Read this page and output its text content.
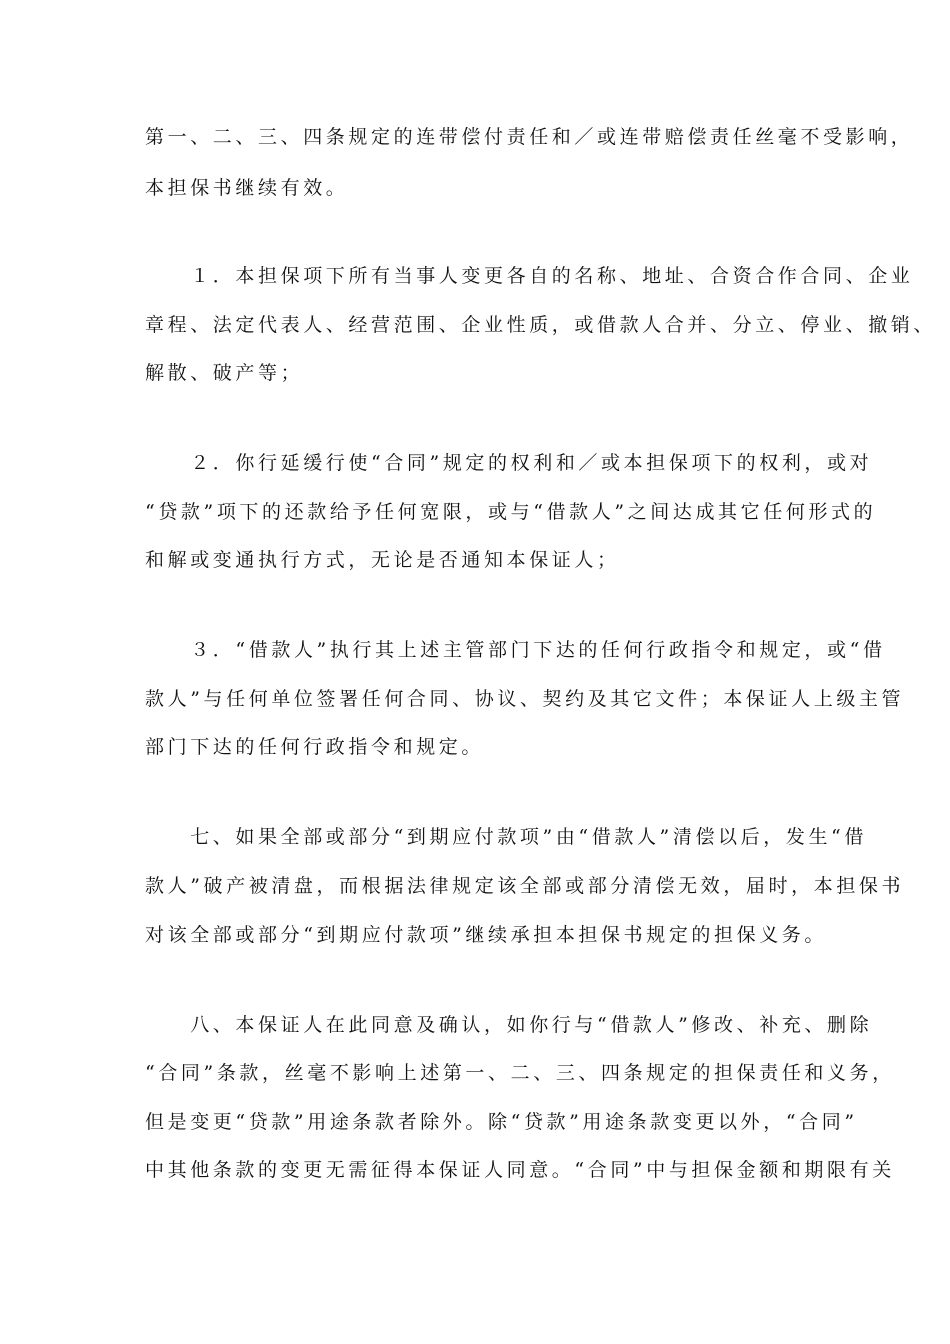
第一、二、三、四条规定的连带偿付责任和／或连带赔偿责任丝毫不受影响，
本担保书继续有效。
　　１．本担保项下所有当事人变更各自的名称、地址、合资合作合同、企业
章程、法定代表人、经营范围、企业性质，或借款人合并、分立、停业、撤销、
解散、破产等；
　　２．你行延缓行使“合同”规定的权利和／或本担保项下的权利，或对
“贷款”项下的还款给予任何宽限，或与“借款人”之间达成其它任何形式的
和解或变通执行方式，无论是否通知本保证人；
　　３．“借款人”执行其上述主管部门下达的任何行政指令和规定，或“借
款人”与任何单位签署任何合同、协议、契约及其它文件；本保证人上级主管
部门下达的任何行政指令和规定。
　　七、如果全部或部分“到期应付款项”由“借款人”清偿以后，发生“借
款人”破产被清盘，而根据法律规定该全部或部分清偿无效，届时，本担保书
对该全部或部分“到期应付款项”继续承担本担保书规定的担保义务。
　　八、本保证人在此同意及确认，如你行与“借款人”修改、补充、删除
“合同”条款，丝毫不影响上述第一、二、三、四条规定的担保责任和义务，
但是变更“贷款”用途条款者除外。除“贷款”用途条款变更以外，“合同”
中其他条款的变更无需征得本保证人同意。“合同”中与担保金额和期限有关
